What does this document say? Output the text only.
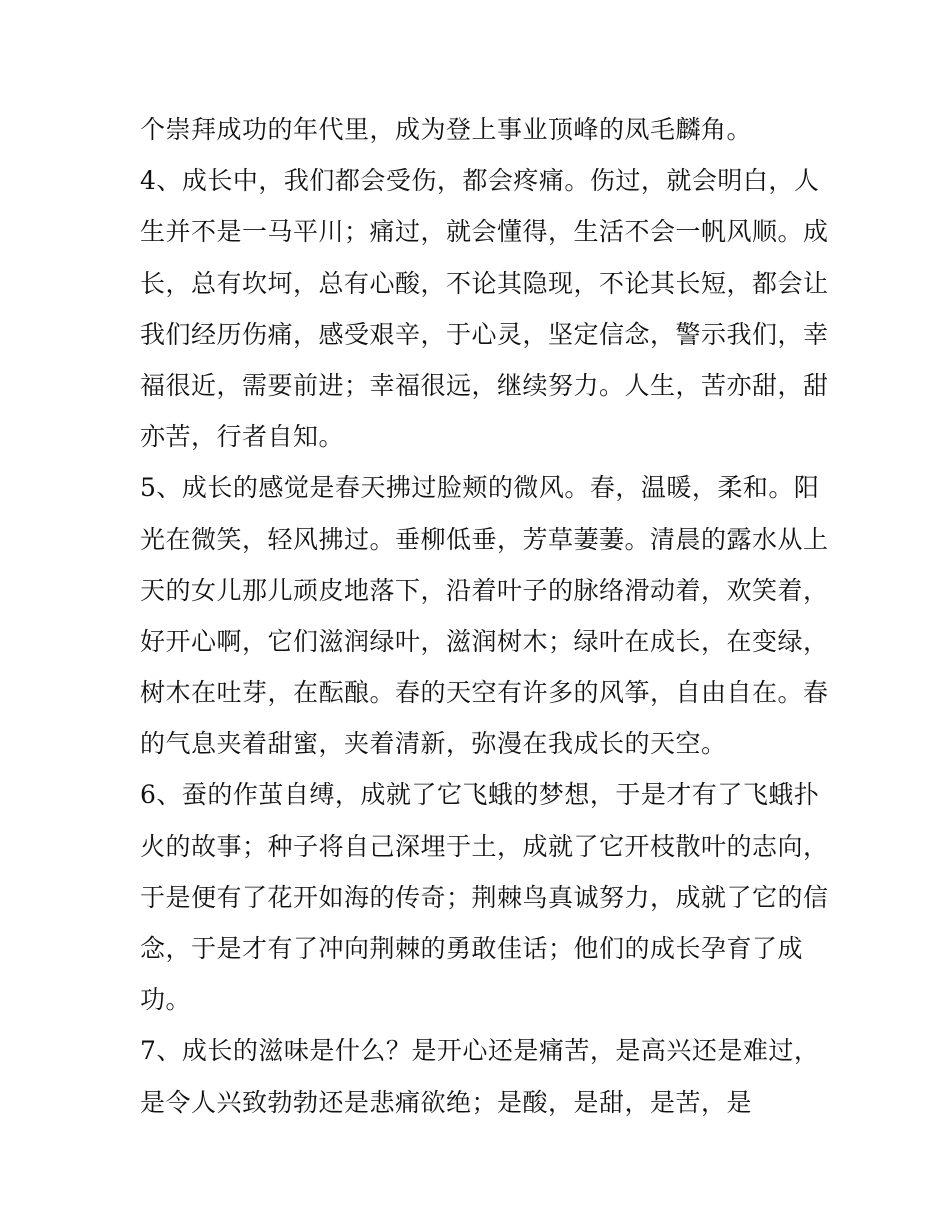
个崇拜成功的年代里，成为登上事业顶峰的凤毛麟角。
4、成长中，我们都会受伤，都会疼痛。伤过，就会明白，人
生并不是一马平川；痛过，就会懂得，生活不会一帆风顺。成
长，总有坎坷，总有心酸，不论其隐现，不论其长短，都会让
我们经历伤痛，感受艰辛，于心灵，坚定信念，警示我们，幸
福很近，需要前进；幸福很远，继续努力。人生，苦亦甜，甜
亦苦，行者自知。
5、成长的感觉是春天拂过脸颊的微风。春，温暖，柔和。阳
光在微笑，轻风拂过。垂柳低垂，芳草萋萋。清晨的露水从上
天的女儿那儿顽皮地落下，沿着叶子的脉络滑动着，欢笑着，
好开心啊，它们滋润绿叶，滋润树木；绿叶在成长，在变绿，
树木在吐芽，在酝酿。春的天空有许多的风筝，自由自在。春
的气息夹着甜蜜，夹着清新，弥漫在我成长的天空。
6、蚕的作茧自缚，成就了它飞蛾的梦想，于是才有了飞蛾扑
火的故事；种子将自己深埋于土，成就了它开枝散叶的志向，
于是便有了花开如海的传奇；荆棘鸟真诚努力，成就了它的信
念，于是才有了冲向荆棘的勇敢佳话；他们的成长孕育了成
功。
7、成长的滋味是什么？是开心还是痛苦，是高兴还是难过，
是令人兴致勃勃还是悲痛欲绝；是酸，是甜，是苦，是
